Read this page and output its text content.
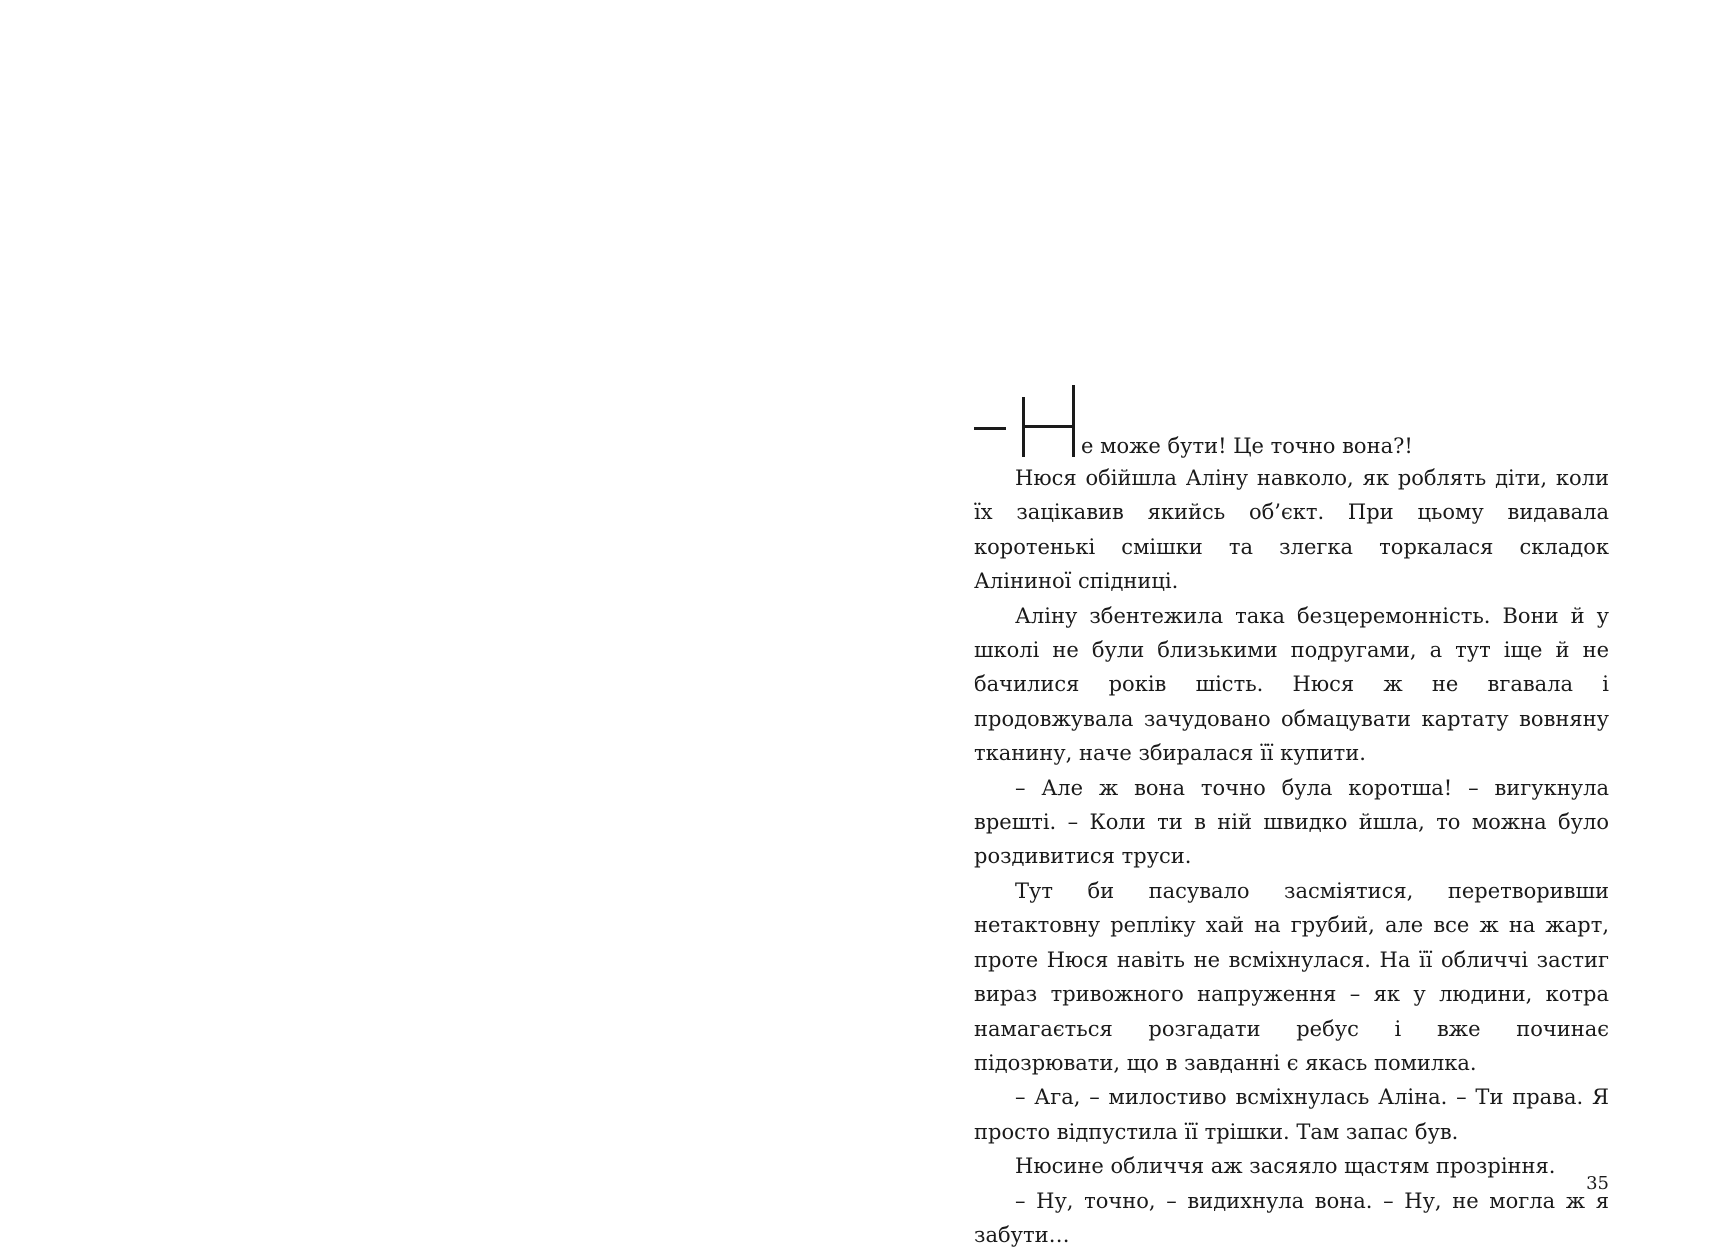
е може бути! Це точно вона?!

Нюся обійшла Аліну навколо, як роблять діти, коли їх зацікавив якийсь об’єкт. При цьому видавала коротенькі смішки та злегка торкалася складок Аліниної спідниці.

Аліну збентежила така безцеремонність. Вони й у школі не були близькими подругами, а тут іще й не бачилися років шість. Нюся ж не вгавала і продовжувала зачудовано обмацувати картату вовняну тканину, наче збиралася її купити.

– Але ж вона точно була коротша! – вигукнула врешті. – Коли ти в ній швидко йшла, то можна було роздивитися труси.

Тут би пасувало засміятися, перетворивши нетактовну репліку хай на грубий, але все ж на жарт, проте Нюся навіть не всміхнулася. На її обличчі застиг вираз тривожного напруження – як у людини, котра намагається розгадати ребус і вже починає підозрювати, що в завданні є якась помилка.

– Ага, – милостиво всміхнулась Аліна. – Ти права. Я просто відпустила її трішки. Там запас був.

Нюсине обличчя аж засяяло щастям прозріння.

– Ну, точно, – видихнула вона. – Ну, не могла ж я забути…

35
